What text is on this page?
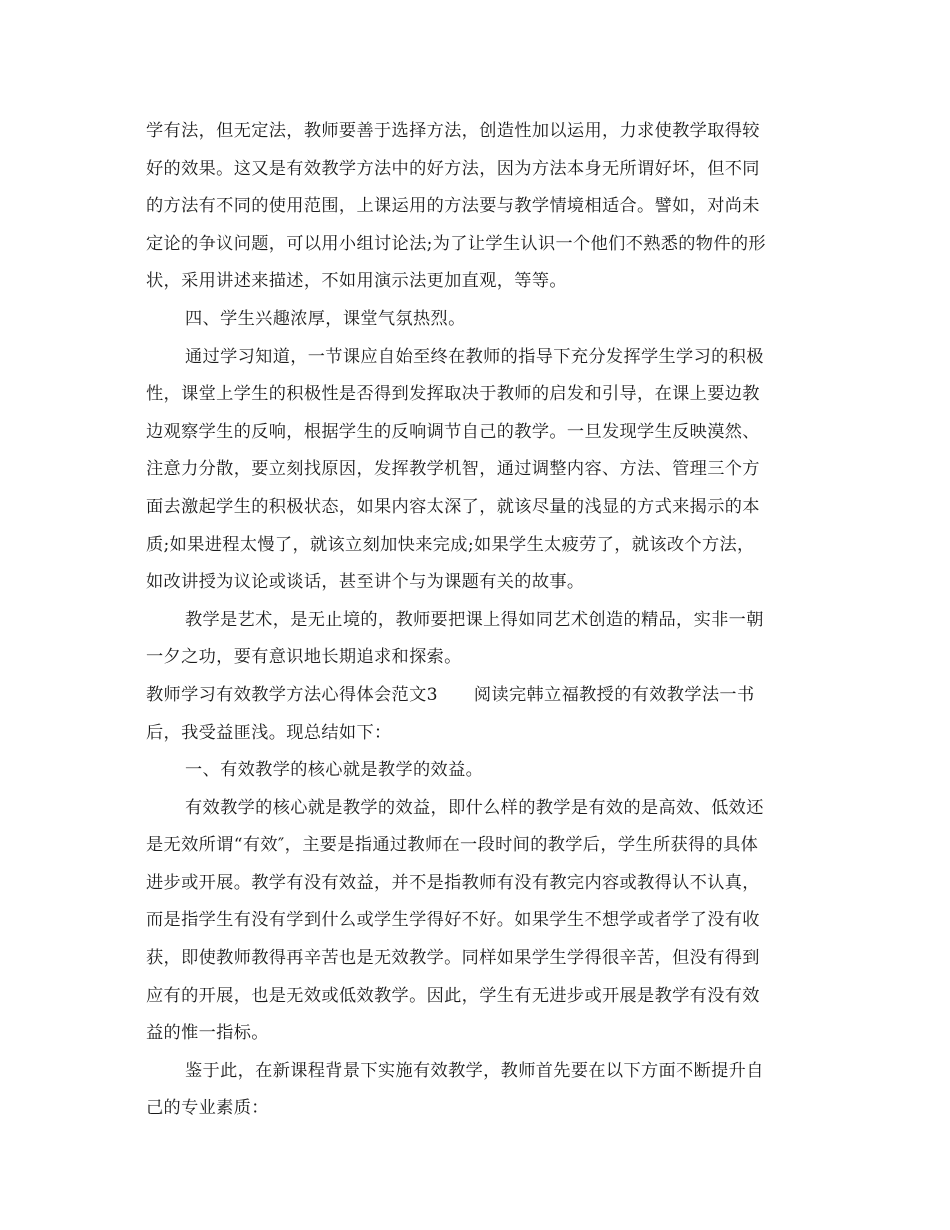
学有法，但无定法，教师要善于选择方法，创造性加以运用，力求使教学取得较
好的效果。这又是有效教学方法中的好方法，因为方法本身无所谓好坏，但不同
的方法有不同的使用范围，上课运用的方法要与教学情境相适合。譬如，对尚未
定论的争议问题，可以用小组讨论法;为了让学生认识一个他们不熟悉的物件的形
状，采用讲述来描述，不如用演示法更加直观，等等。
四、学生兴趣浓厚，课堂气氛热烈。
通过学习知道，一节课应自始至终在教师的指导下充分发挥学生学习的积极
性，课堂上学生的积极性是否得到发挥取决于教师的启发和引导，在课上要边教
边观察学生的反响，根据学生的反响调节自己的教学。一旦发现学生反映漠然、
注意力分散，要立刻找原因，发挥教学机智，通过调整内容、方法、管理三个方
面去激起学生的积极状态，如果内容太深了，就该尽量的浅显的方式来揭示的本
质;如果进程太慢了，就该立刻加快来完成;如果学生太疲劳了，就该改个方法，
如改讲授为议论或谈话，甚至讲个与为课题有关的故事。
教学是艺术，是无止境的，教师要把课上得如同艺术创造的精品，实非一朝
一夕之功，要有意识地长期追求和探索。
教师学习有效教学方法心得体会范文3 阅读完韩立福教授的有效教学法一书
后，我受益匪浅。现总结如下：
一、有效教学的核心就是教学的效益。
有效教学的核心就是教学的效益，即什么样的教学是有效的是高效、低效还
是无效所谓“有效″，主要是指通过教师在一段时间的教学后，学生所获得的具体
进步或开展。教学有没有效益，并不是指教师有没有教完内容或教得认不认真，
而是指学生有没有学到什么或学生学得好不好。如果学生不想学或者学了没有收
获，即使教师教得再辛苦也是无效教学。同样如果学生学得很辛苦，但没有得到
应有的开展，也是无效或低效教学。因此，学生有无进步或开展是教学有没有效
益的惟一指标。
鉴于此，在新课程背景下实施有效教学，教师首先要在以下方面不断提升自
己的专业素质：
